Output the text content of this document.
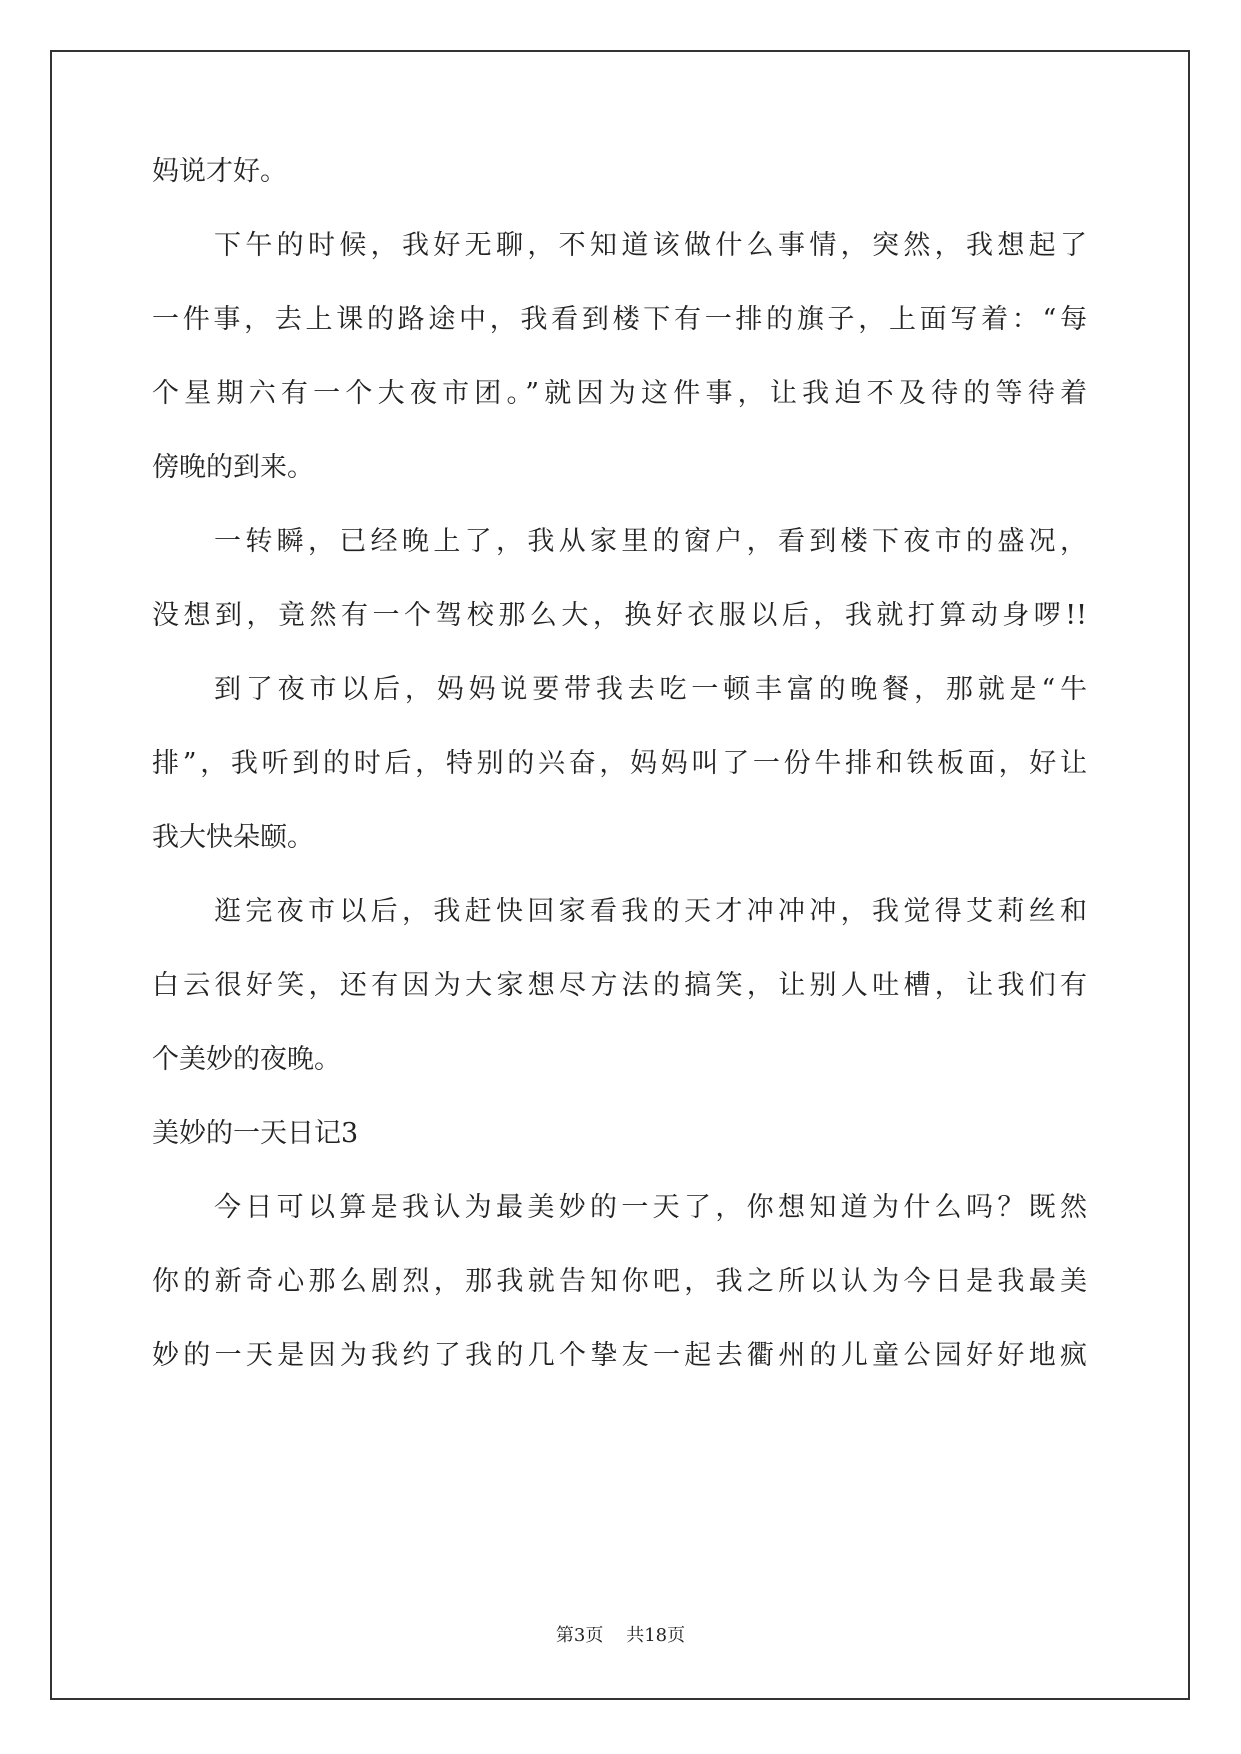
妈说才好。
下午的时候，我好无聊，不知道该做什么事情，突然，我想起了
一件事，去上课的路途中，我看到楼下有一排的旗子，上面写着：“每
个星期六有一个大夜市团。”就因为这件事，让我迫不及待的等待着
傍晚的到来。
一转瞬，已经晚上了，我从家里的窗户，看到楼下夜市的盛况，
没想到，竟然有一个驾校那么大，换好衣服以后，我就打算动身啰!!
到了夜市以后，妈妈说要带我去吃一顿丰富的晚餐，那就是“牛
排”，我听到的时后，特别的兴奋，妈妈叫了一份牛排和铁板面，好让
我大快朵颐。
逛完夜市以后，我赶快回家看我的天才冲冲冲，我觉得艾莉丝和
白云很好笑，还有因为大家想尽方法的搞笑，让别人吐槽，让我们有
个美妙的夜晚。
美妙的一天日记3
今日可以算是我认为最美妙的一天了，你想知道为什么吗？既然
你的新奇心那么剧烈，那我就告知你吧，我之所以认为今日是我最美
妙的一天是因为我约了我的几个挚友一起去衢州的儿童公园好好地疯
第3页 共18页
